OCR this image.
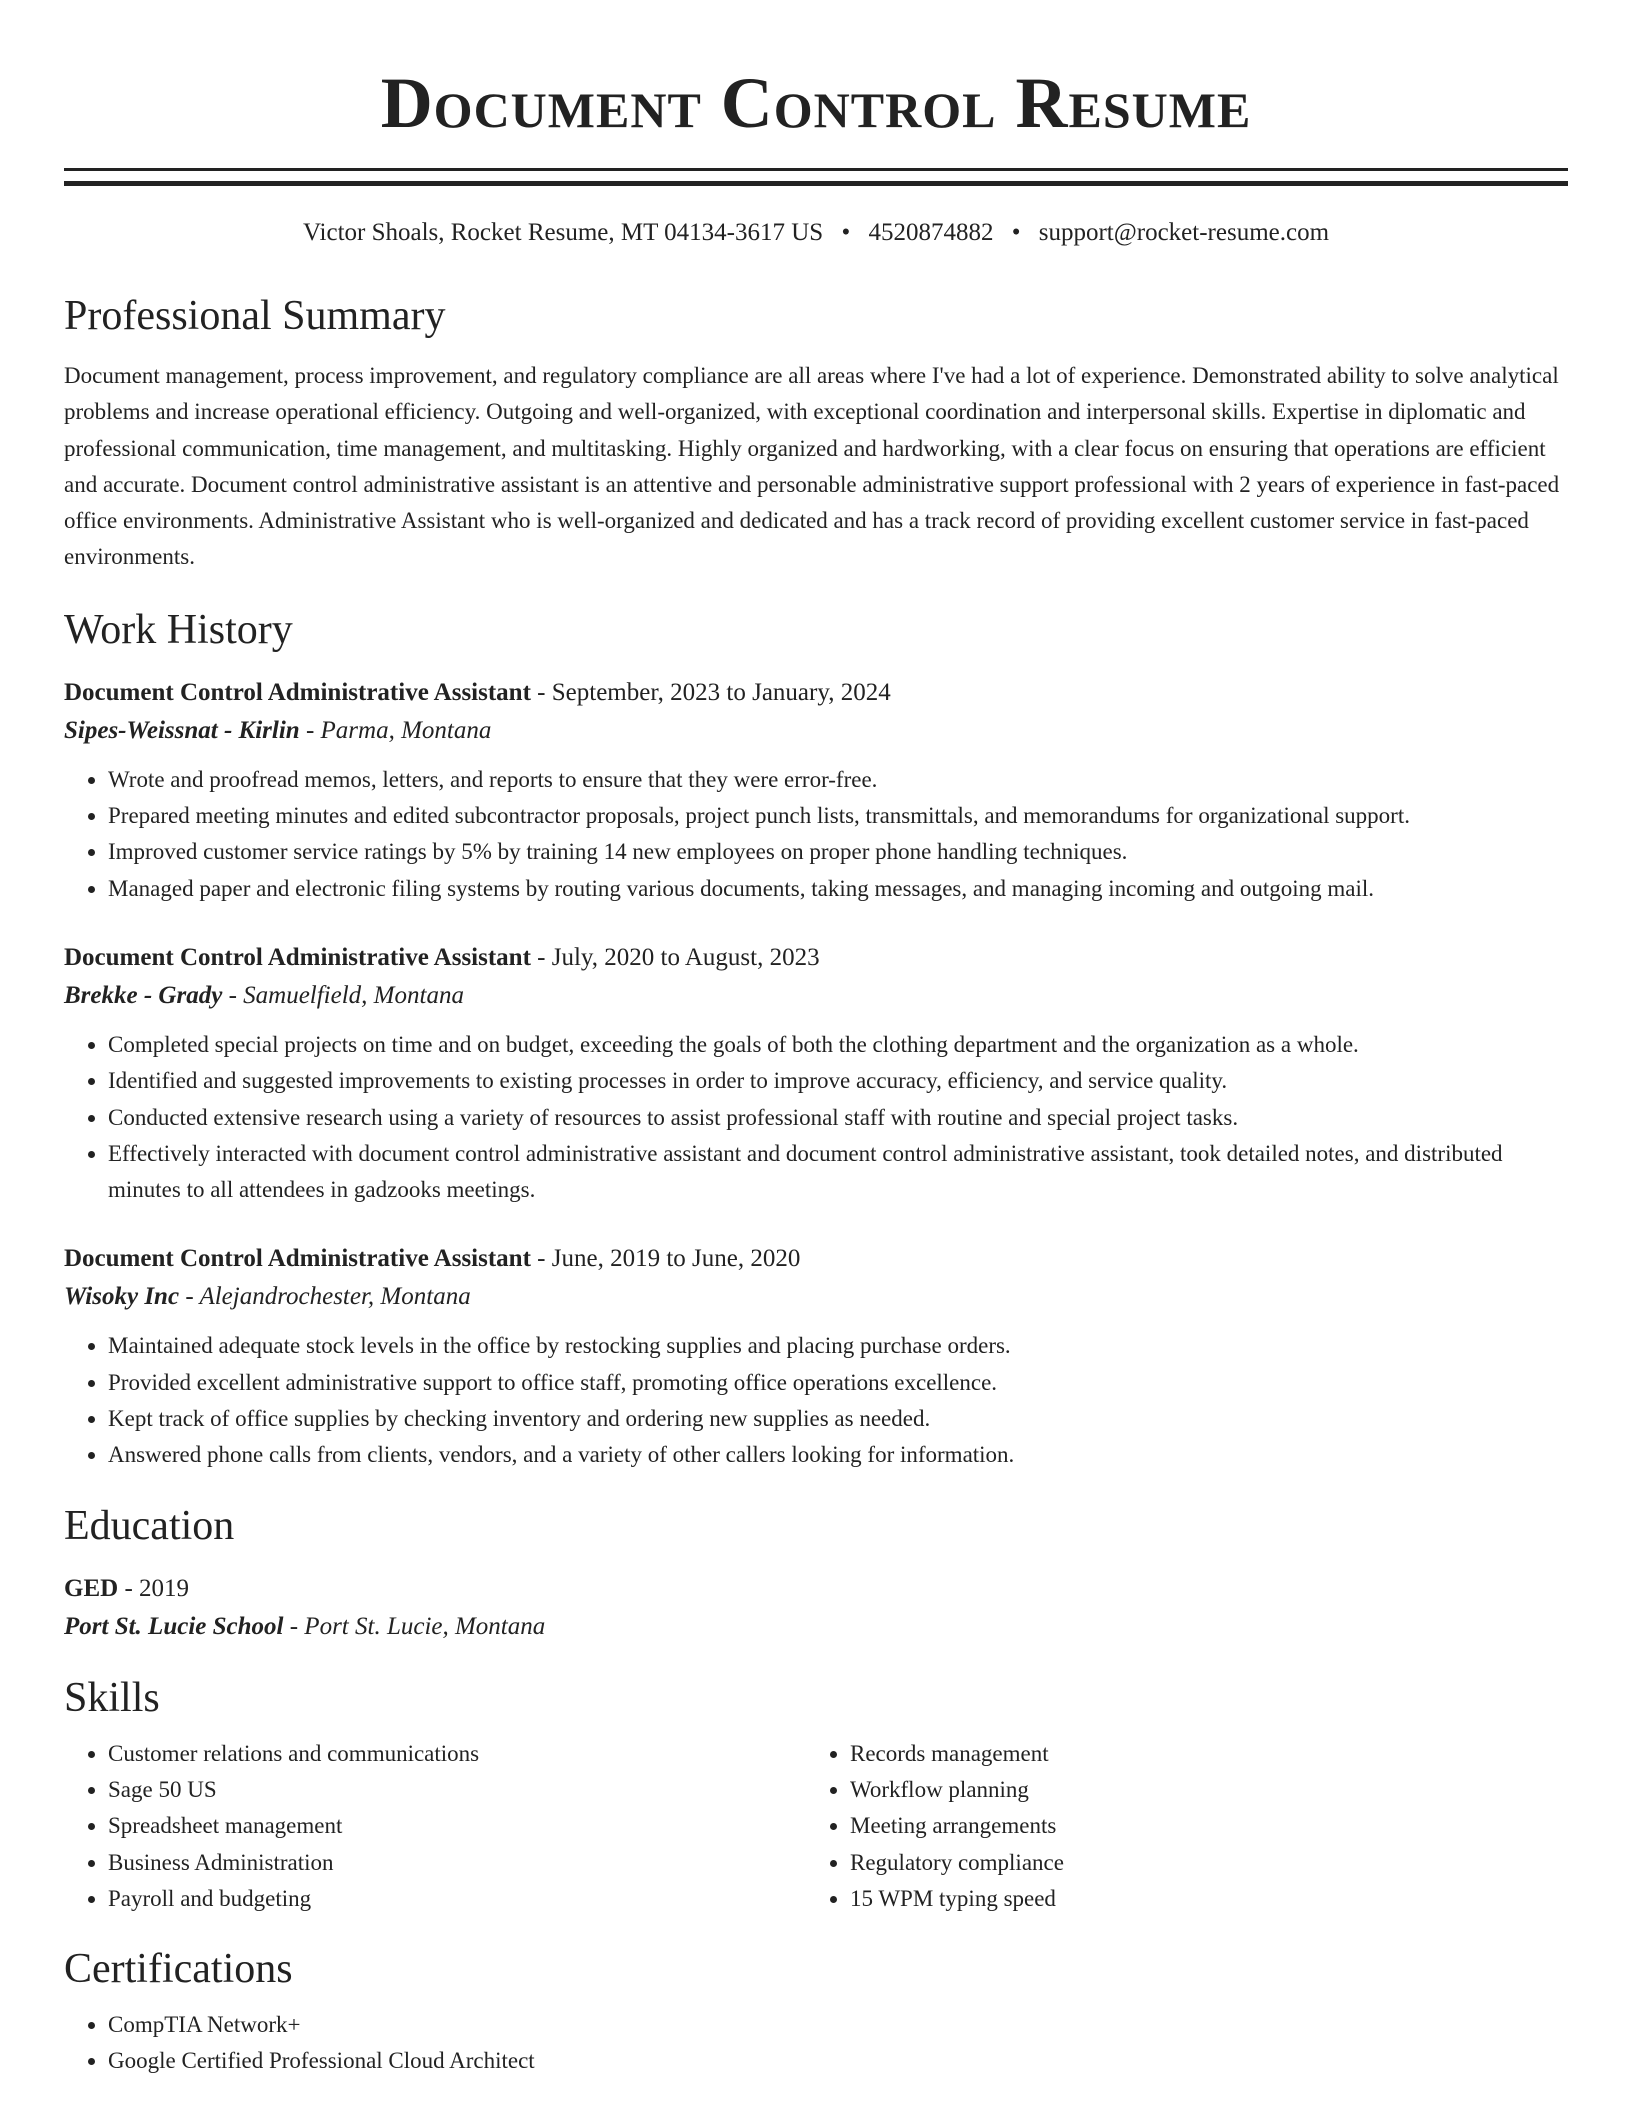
Document Control Resume
Victor Shoals, Rocket Resume, MT 04134-3617 US • 4520874882 • support@rocket-resume.com
Professional Summary

Document management, process improvement, and regulatory compliance are all areas where I've had a lot of experience. Demonstrated ability to solve analytical problems and increase operational efficiency. Outgoing and well-organized, with exceptional coordination and interpersonal skills. Expertise in diplomatic and professional communication, time management, and multitasking. Highly organized and hardworking, with a clear focus on ensuring that operations are efficient and accurate. Document control administrative assistant is an attentive and personable administrative support professional with 2 years of experience in fast-paced office environments. Administrative Assistant who is well-organized and dedicated and has a track record of providing excellent customer service in fast-paced environments.

Work History
Document Control Administrative Assistant - September, 2023 to January, 2024
Sipes-Weissnat - Kirlin - Parma, Montana
• Wrote and proofread memos, letters, and reports to ensure that they were error-free.
• Prepared meeting minutes and edited subcontractor proposals, project punch lists, transmittals, and memorandums for organizational support.
• Improved customer service ratings by 5% by training 14 new employees on proper phone handling techniques.
• Managed paper and electronic filing systems by routing various documents, taking messages, and managing incoming and outgoing mail.
Document Control Administrative Assistant - July, 2020 to August, 2023
Brekke - Grady - Samuelfield, Montana
• Completed special projects on time and on budget, exceeding the goals of both the clothing department and the organization as a whole.
• Identified and suggested improvements to existing processes in order to improve accuracy, efficiency, and service quality.
• Conducted extensive research using a variety of resources to assist professional staff with routine and special project tasks.
• Effectively interacted with document control administrative assistant and document control administrative assistant, took detailed notes, and distributed minutes to all attendees in gadzooks meetings.
Document Control Administrative Assistant - June, 2019 to June, 2020
Wisoky Inc - Alejandrochester, Montana
• Maintained adequate stock levels in the office by restocking supplies and placing purchase orders.
• Provided excellent administrative support to office staff, promoting office operations excellence.
• Kept track of office supplies by checking inventory and ordering new supplies as needed.
• Answered phone calls from clients, vendors, and a variety of other callers looking for information.
Education
GED - 2019
Port St. Lucie School - Port St. Lucie, Montana
Skills
• Customer relations and communications
• Sage 50 US
• Spreadsheet management
• Business Administration
• Payroll and budgeting
• Records management
• Workflow planning
• Meeting arrangements
• Regulatory compliance
• 15 WPM typing speed
Certifications
• CompTIA Network+
• Google Certified Professional Cloud Architect
